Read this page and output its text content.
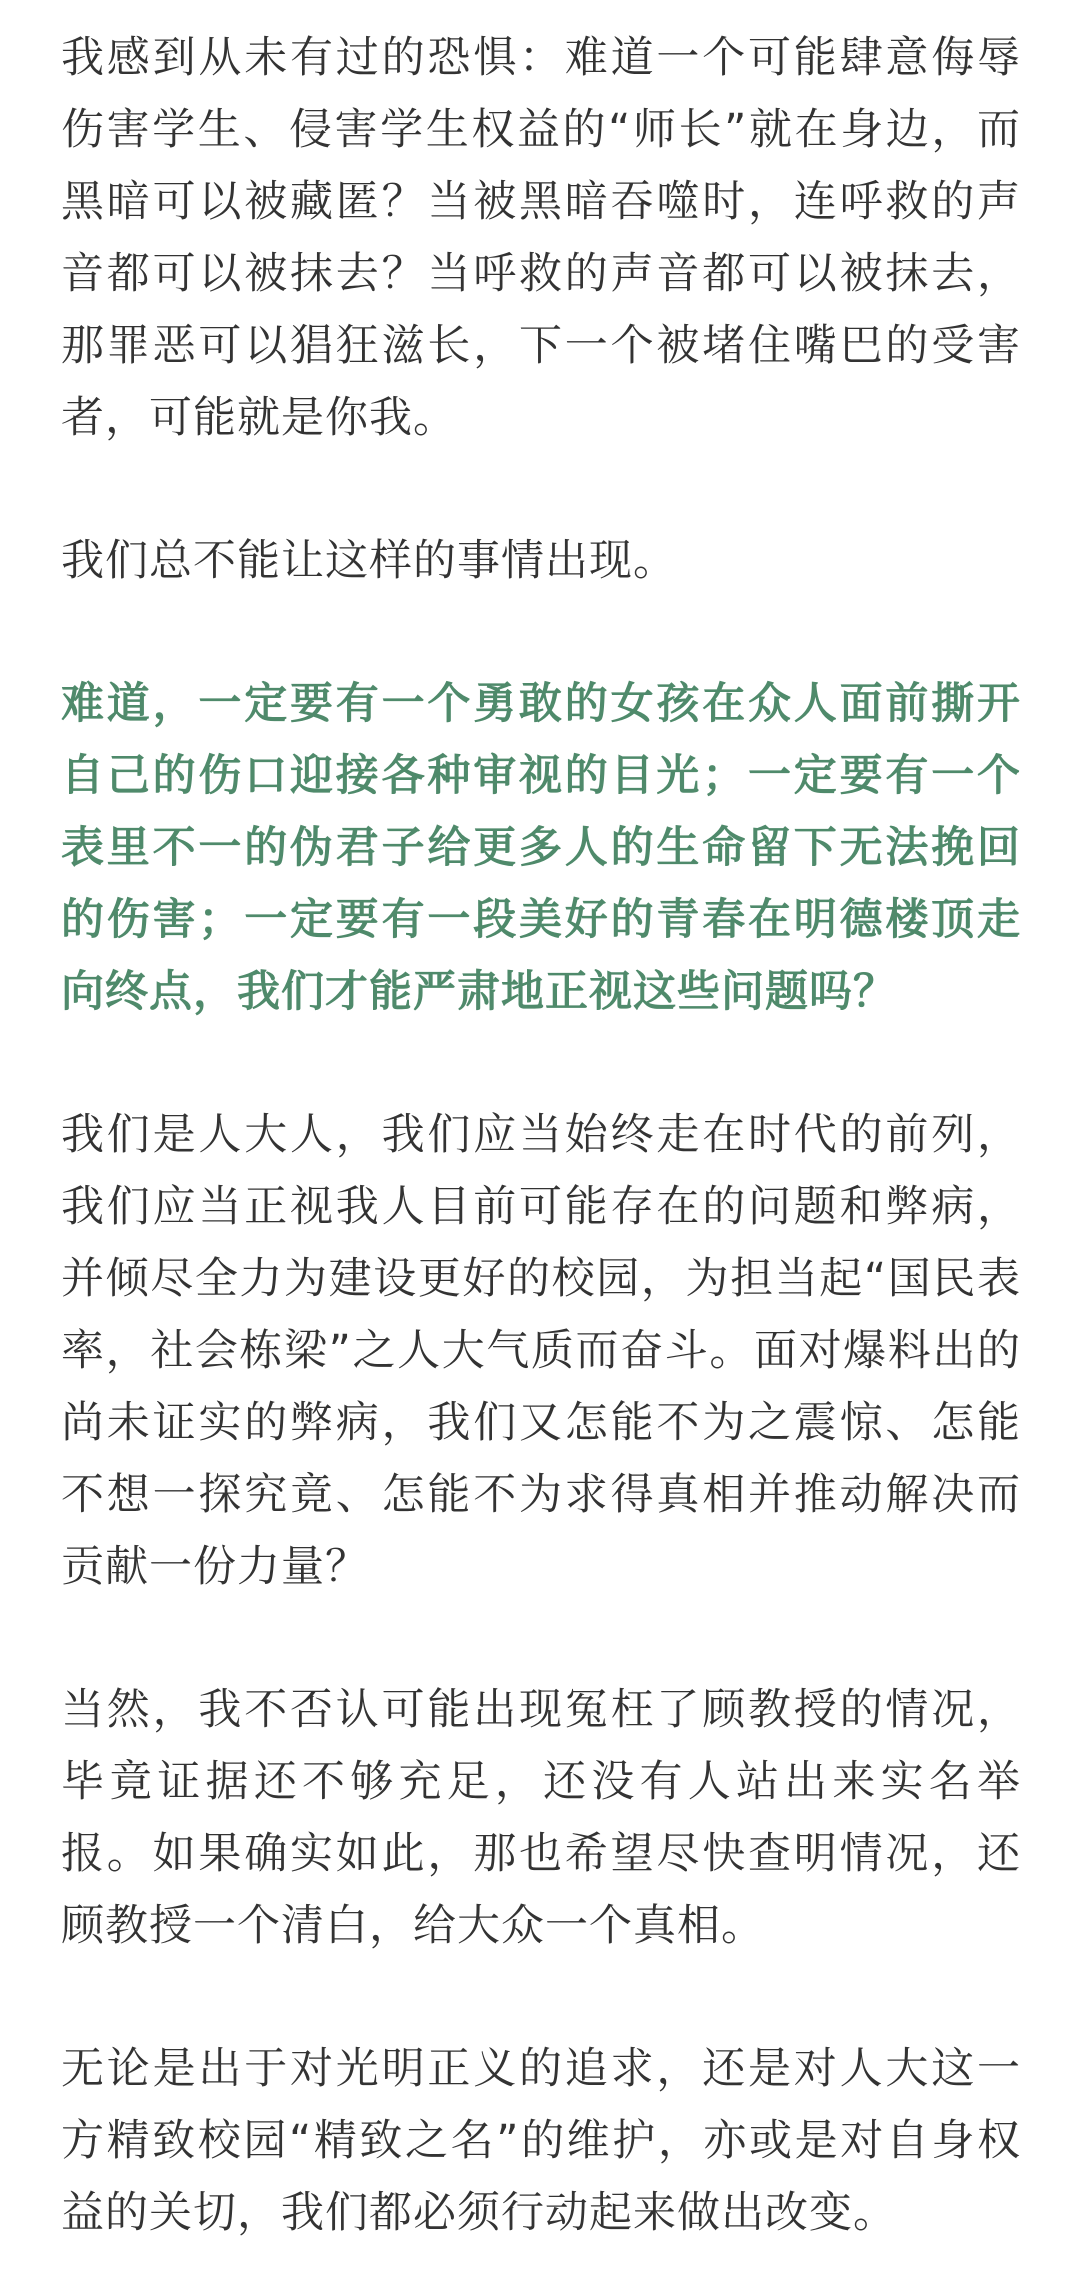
我感到从未有过的恐惧：难道一个可能肆意侮辱伤害学生、侵害学生权益的“师长”就在身边，而黑暗可以被藏匿？当被黑暗吞噬时，连呼救的声音都可以被抹去？当呼救的声音都可以被抹去，那罪恶可以猖狂滋长，下一个被堵住嘴巴的受害者，可能就是你我。

我们总不能让这样的事情出现。

难道，一定要有一个勇敢的女孩在众人面前撕开自己的伤口迎接各种审视的目光；一定要有一个表里不一的伪君子给更多人的生命留下无法挽回的伤害；一定要有一段美好的青春在明德楼顶走向终点，我们才能严肃地正视这些问题吗？

我们是人大人，我们应当始终走在时代的前列，我们应当正视我人目前可能存在的问题和弊病，并倾尽全力为建设更好的校园，为担当起“国民表率，社会栋梁”之人大气质而奋斗。面对爆料出的尚未证实的弊病，我们又怎能不为之震惊、怎能不想一探究竟、怎能不为求得真相并推动解决而贡献一份力量？

当然，我不否认可能出现冤枉了顾教授的情况，毕竟证据还不够充足，还没有人站出来实名举报。如果确实如此，那也希望尽快查明情况，还顾教授一个清白，给大众一个真相。

无论是出于对光明正义的追求，还是对人大这一方精致校园“精致之名”的维护，亦或是对自身权益的关切，我们都必须行动起来做出改变。
